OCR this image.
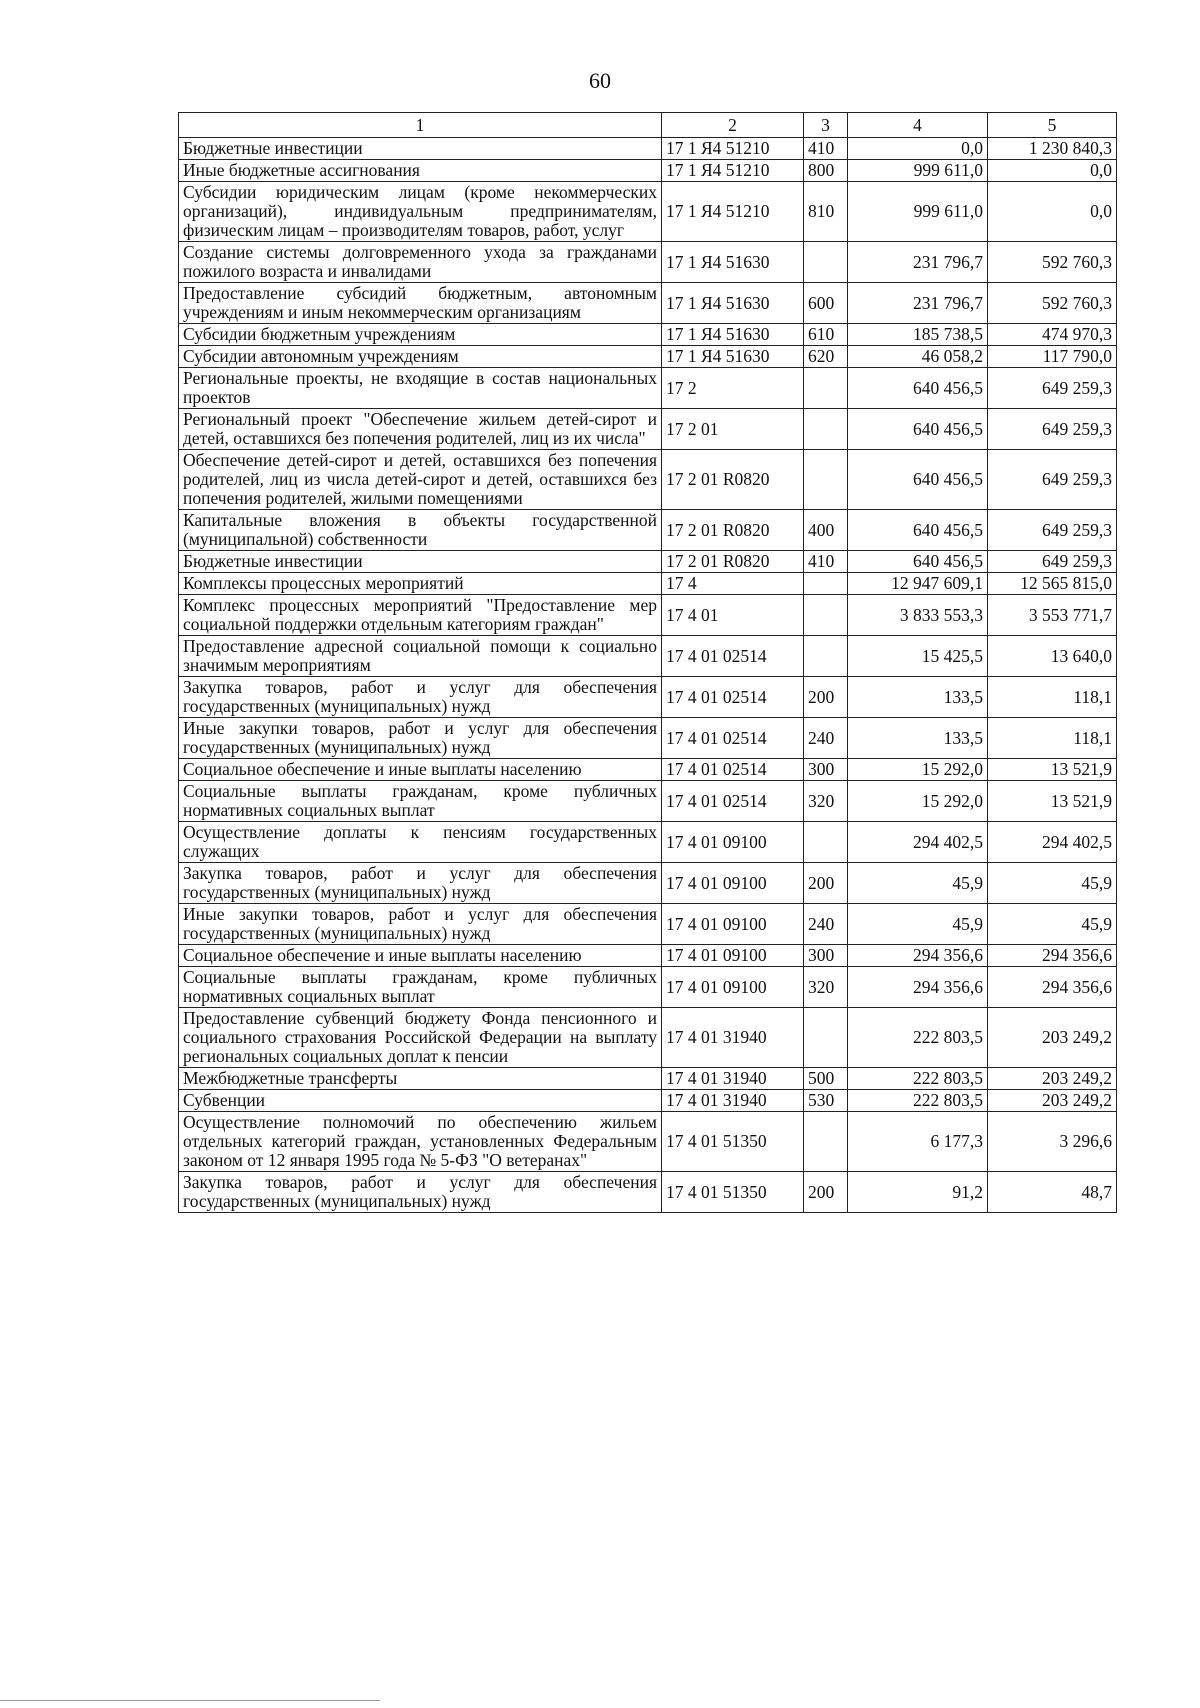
60
1	2	3	4	5
Бюджетные инвестиции	17 1 Я4 51210	410	0,0	1 230 840,3
Иные бюджетные ассигнования	17 1 Я4 51210	800	999 611,0	0,0
Субсидии юридическим лицам (кроме некоммерческих организаций), индивидуальным предпринимателям, физическим лицам – производителям товаров, работ, услуг	17 1 Я4 51210	810	999 611,0	0,0
Создание системы долговременного ухода за гражданами пожилого возраста и инвалидами	17 1 Я4 51630		231 796,7	592 760,3
Предоставление субсидий бюджетным, автономным учреждениям и иным некоммерческим организациям	17 1 Я4 51630	600	231 796,7	592 760,3
Субсидии бюджетным учреждениям	17 1 Я4 51630	610	185 738,5	474 970,3
Субсидии автономным учреждениям	17 1 Я4 51630	620	46 058,2	117 790,0
Региональные проекты, не входящие в состав национальных проектов	17 2		640 456,5	649 259,3
Региональный проект "Обеспечение жильем детей-сирот и детей, оставшихся без попечения родителей, лиц из их числа"	17 2 01		640 456,5	649 259,3
Обеспечение детей-сирот и детей, оставшихся без попечения родителей, лиц из числа детей-сирот и детей, оставшихся без попечения родителей, жилыми помещениями	17 2 01 R0820		640 456,5	649 259,3
Капитальные вложения в объекты государственной (муниципальной) собственности	17 2 01 R0820	400	640 456,5	649 259,3
Бюджетные инвестиции	17 2 01 R0820	410	640 456,5	649 259,3
Комплексы процессных мероприятий	17 4		12 947 609,1	12 565 815,0
Комплекс процессных мероприятий "Предоставление мер социальной поддержки отдельным категориям граждан"	17 4 01		3 833 553,3	3 553 771,7
Предоставление адресной социальной помощи к социально значимым мероприятиям	17 4 01 02514		15 425,5	13 640,0
Закупка товаров, работ и услуг для обеспечения государственных (муниципальных) нужд	17 4 01 02514	200	133,5	118,1
Иные закупки товаров, работ и услуг для обеспечения государственных (муниципальных) нужд	17 4 01 02514	240	133,5	118,1
Социальное обеспечение и иные выплаты населению	17 4 01 02514	300	15 292,0	13 521,9
Социальные выплаты гражданам, кроме публичных нормативных социальных выплат	17 4 01 02514	320	15 292,0	13 521,9
Осуществление доплаты к пенсиям государственных служащих	17 4 01 09100		294 402,5	294 402,5
Закупка товаров, работ и услуг для обеспечения государственных (муниципальных) нужд	17 4 01 09100	200	45,9	45,9
Иные закупки товаров, работ и услуг для обеспечения государственных (муниципальных) нужд	17 4 01 09100	240	45,9	45,9
Социальное обеспечение и иные выплаты населению	17 4 01 09100	300	294 356,6	294 356,6
Социальные выплаты гражданам, кроме публичных нормативных социальных выплат	17 4 01 09100	320	294 356,6	294 356,6
Предоставление субвенций бюджету Фонда пенсионного и социального страхования Российской Федерации на выплату региональных социальных доплат к пенсии	17 4 01 31940		222 803,5	203 249,2
Межбюджетные трансферты	17 4 01 31940	500	222 803,5	203 249,2
Субвенции	17 4 01 31940	530	222 803,5	203 249,2
Осуществление полномочий по обеспечению жильем отдельных категорий граждан, установленных Федеральным законом от 12 января 1995 года № 5-ФЗ "О ветеранах"	17 4 01 51350		6 177,3	3 296,6
Закупка товаров, работ и услуг для обеспечения государственных (муниципальных) нужд	17 4 01 51350	200	91,2	48,7
